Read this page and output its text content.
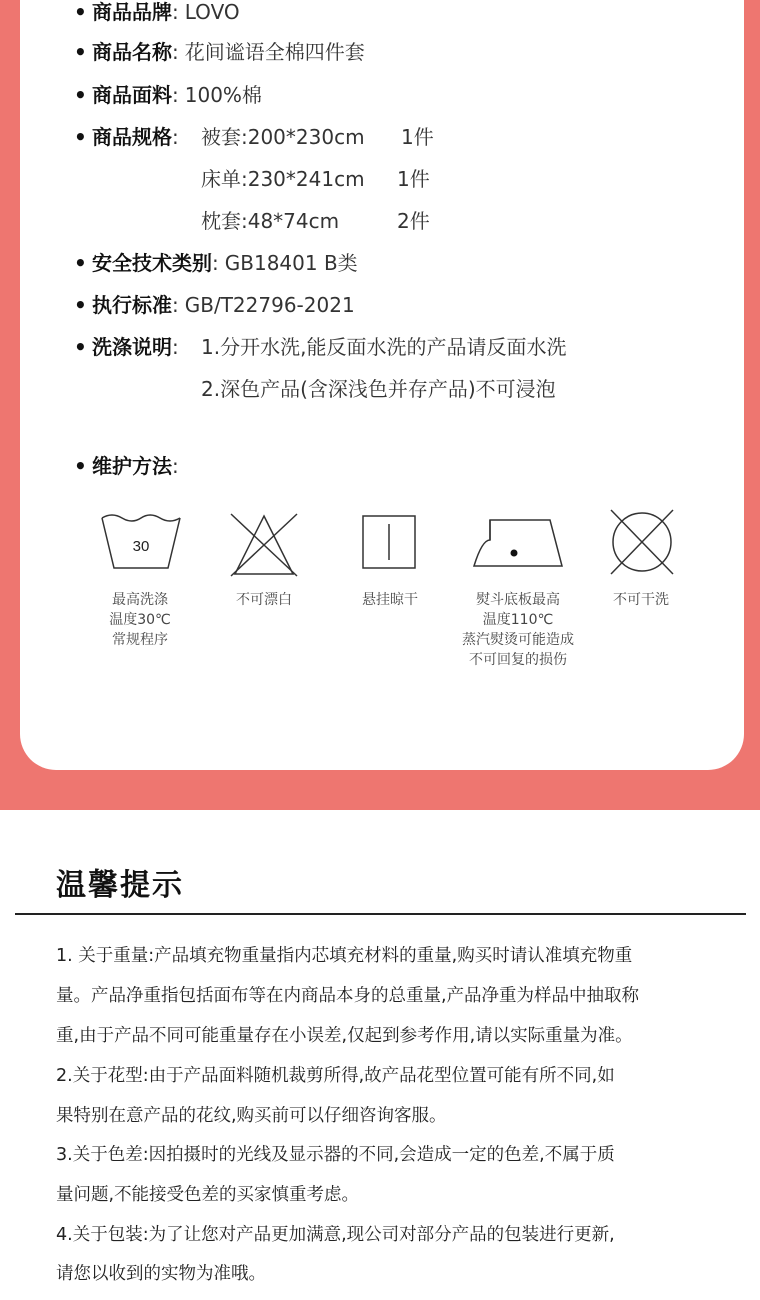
• 商品品牌: LOVO
• 商品名称: 花间谧语全棉四件套
• 商品面料: 100%棉
• 商品规格: 被套:200*230cm 1件
床单:230*241cm 1件
枕套:48*74cm	2件
• 安全技术类别: GB18401 B类
• 执行标准: GB/T22796-2021
• 洗涤说明: 1.分开水洗,能反面水洗的产品请反面水洗
2.深色产品(含深浅色并存产品)不可浸泡
• 维护方法:
30
最高洗涤
温度30℃
常规程序
不可漂白	悬挂晾干	熨斗底板最高
温度110℃
蒸汽熨烫可能造成
不可回复的损伤
不可干洗
温馨提示
1. 关于重量:产品填充物重量指内芯填充材料的重量,购买时请认准填充物重
量。产品净重指包括面布等在内商品本身的总重量,产品净重为样品中抽取称
重,由于产品不同可能重量存在小误差,仅起到参考作用,请以实际重量为准。
2.关于花型:由于产品面料随机裁剪所得,故产品花型位置可能有所不同,如
果特别在意产品的花纹,购买前可以仔细咨询客服。
3.关于色差:因拍摄时的光线及显示器的不同,会造成一定的色差,不属于质
量问题,不能接受色差的买家慎重考虑。
4.关于包装:为了让您对产品更加满意,现公司对部分产品的包装进行更新,
请您以收到的实物为准哦。
